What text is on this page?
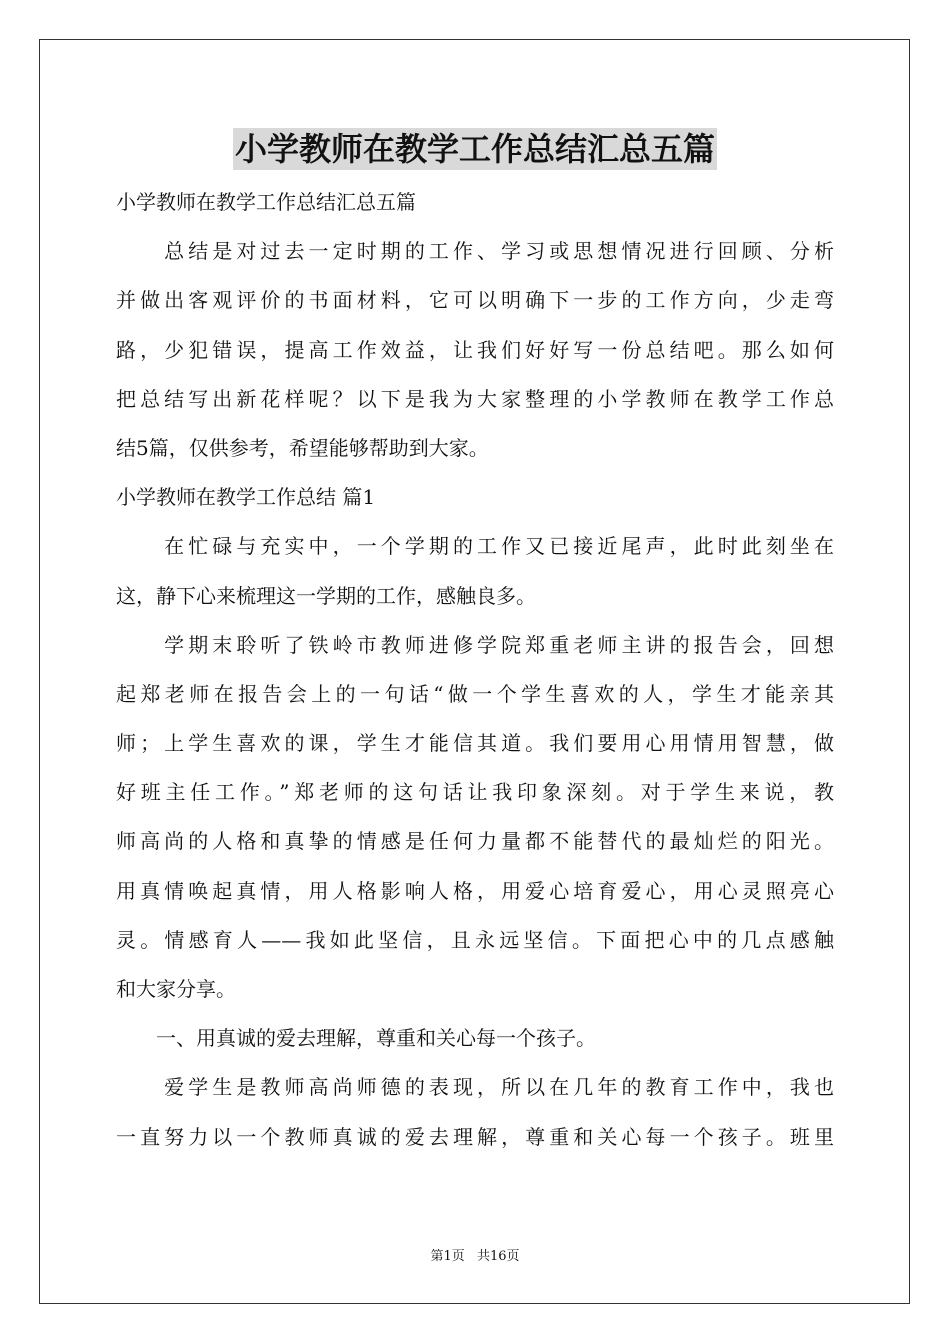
小学教师在教学工作总结汇总五篇
小学教师在教学工作总结汇总五篇
　　总结是对过去一定时期的工作、学习或思想情况进行回顾、分析
并做出客观评价的书面材料，它可以明确下一步的工作方向，少走弯
路，少犯错误，提高工作效益，让我们好好写一份总结吧。那么如何
把总结写出新花样呢？以下是我为大家整理的小学教师在教学工作总
结5篇，仅供参考，希望能够帮助到大家。
小学教师在教学工作总结 篇1
　　在忙碌与充实中，一个学期的工作又已接近尾声，此时此刻坐在
这，静下心来梳理这一学期的工作，感触良多。
　　学期末聆听了铁岭市教师进修学院郑重老师主讲的报告会，回想
起郑老师在报告会上的一句话“做一个学生喜欢的人，学生才能亲其
师；上学生喜欢的课，学生才能信其道。我们要用心用情用智慧，做
好班主任工作。”郑老师的这句话让我印象深刻。对于学生来说，教
师高尚的人格和真挚的情感是任何力量都不能替代的最灿烂的阳光。
用真情唤起真情，用人格影响人格，用爱心培育爱心，用心灵照亮心
灵。情感育人——我如此坚信，且永远坚信。下面把心中的几点感触
和大家分享。
　　一、用真诚的爱去理解，尊重和关心每一个孩子。
　　爱学生是教师高尚师德的表现，所以在几年的教育工作中，我也
一直努力以一个教师真诚的爱去理解，尊重和关心每一个孩子。班里
第1页 共16页
